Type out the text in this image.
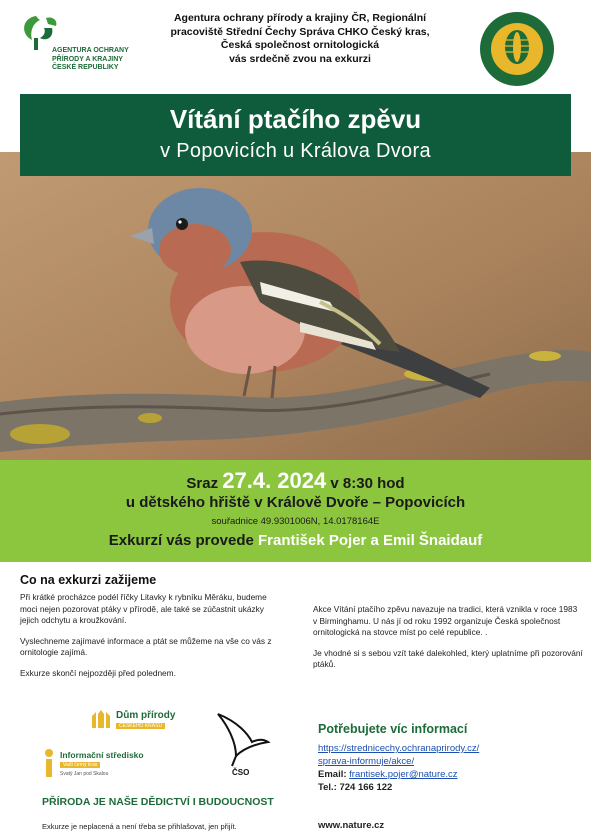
AGENTURA OCHRANY
PŘÍRODY A KRAJINY
ČESKÉ REPUBLIKY
Agentura ochrany přírody a krajiny ČR, Regionální
pracoviště Střední Čechy Správa CHKO Český kras,
Česká společnost ornitologická
vás srdečně zvou na exkurzi
Vítání ptačího zpěvu
v Popovicích u Králova Dvora
Sraz 27.4. 2024 v 8:30 hod
u dětského hřiště v Králově Dvoře – Popovicích
souřadnice 49.9301006N, 14.0178164E
Exkurzí vás provede František Pojer a Emil Šnaidauf
Co na exkurzi zažijeme

Při krátké procházce podél říčky Litavky k rybníku Měráku, budeme moci nejen pozorovat ptáky v přírodě, ale také se zúčastnit ukázky jejich odchytu a kroužkování.

Vyslechneme zajímavé informace a ptát se můžeme na vše co vás z ornitologie zajímá.

Exkurze skončí nejpozději před polednem.

Akce Vítání ptačího zpěvu navazuje na tradici, která vznikla v roce 1983 v Birminghamu. U nás jí od roku 1992 organizuje Česká společnost ornitologická na stovce míst po celé republice. .

Je vhodné si s sebou vzít také dalekohled, který uplatníme při pozorování ptáků.

Dům přírody
ČESKÉHO KRASU
Informační středisko
Vadí černý kras
Svatý Jan pod Skalou	ČSO
PŘÍRODA JE NAŠE DĚDICTVÍ I BUDOUCNOST
Exkurze je neplacená a není třeba se přihlašovat, jen přijít.
Potřebujete víc informací
https://strednicechy.ochranaprirody.cz/
sprava-informuje/akce/
Email: frantisek.pojer@nature.cz
Tel.: 724 166 122
www.nature.cz
